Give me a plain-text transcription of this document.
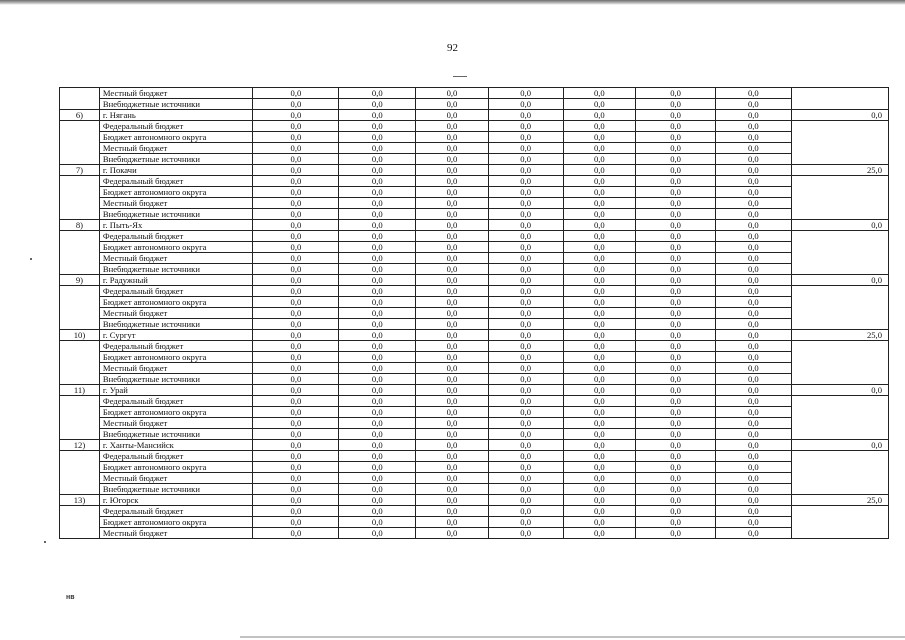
92
	Местный бюджет	0,0	0,0	0,0	0,0	0,0	0,0	0,0	
	Внебюджетные источники	0,0	0,0	0,0	0,0	0,0	0,0	0,0	
6)	г. Нягань	0,0	0,0	0,0	0,0	0,0	0,0	0,0	0,0
	Федеральный бюджет	0,0	0,0	0,0	0,0	0,0	0,0	0,0	
	Бюджет автономного округа	0,0	0,0	0,0	0,0	0,0	0,0	0,0	
	Местный бюджет	0,0	0,0	0,0	0,0	0,0	0,0	0,0	
	Внебюджетные источники	0,0	0,0	0,0	0,0	0,0	0,0	0,0	
7)	г. Покачи	0,0	0,0	0,0	0,0	0,0	0,0	0,0	25,0
	Федеральный бюджет	0,0	0,0	0,0	0,0	0,0	0,0	0,0	
	Бюджет автономного округа	0,0	0,0	0,0	0,0	0,0	0,0	0,0	
	Местный бюджет	0,0	0,0	0,0	0,0	0,0	0,0	0,0	
	Внебюджетные источники	0,0	0,0	0,0	0,0	0,0	0,0	0,0	
8)	г. Пыть-Ях	0,0	0,0	0,0	0,0	0,0	0,0	0,0	0,0
	Федеральный бюджет	0,0	0,0	0,0	0,0	0,0	0,0	0,0	
	Бюджет автономного округа	0,0	0,0	0,0	0,0	0,0	0,0	0,0	
	Местный бюджет	0,0	0,0	0,0	0,0	0,0	0,0	0,0	
	Внебюджетные источники	0,0	0,0	0,0	0,0	0,0	0,0	0,0	
9)	г. Радужный	0,0	0,0	0,0	0,0	0,0	0,0	0,0	0,0
	Федеральный бюджет	0,0	0,0	0,0	0,0	0,0	0,0	0,0	
	Бюджет автономного округа	0,0	0,0	0,0	0,0	0,0	0,0	0,0	
	Местный бюджет	0,0	0,0	0,0	0,0	0,0	0,0	0,0	
	Внебюджетные источники	0,0	0,0	0,0	0,0	0,0	0,0	0,0	
10)	г. Сургут	0,0	0,0	0,0	0,0	0,0	0,0	0,0	25,0
	Федеральный бюджет	0,0	0,0	0,0	0,0	0,0	0,0	0,0	
	Бюджет автономного округа	0,0	0,0	0,0	0,0	0,0	0,0	0,0	
	Местный бюджет	0,0	0,0	0,0	0,0	0,0	0,0	0,0	
	Внебюджетные источники	0,0	0,0	0,0	0,0	0,0	0,0	0,0	
11)	г. Урай	0,0	0,0	0,0	0,0	0,0	0,0	0,0	0,0
	Федеральный бюджет	0,0	0,0	0,0	0,0	0,0	0,0	0,0	
	Бюджет автономного округа	0,0	0,0	0,0	0,0	0,0	0,0	0,0	
	Местный бюджет	0,0	0,0	0,0	0,0	0,0	0,0	0,0	
	Внебюджетные источники	0,0	0,0	0,0	0,0	0,0	0,0	0,0	
12)	г. Ханты-Мансийск	0,0	0,0	0,0	0,0	0,0	0,0	0,0	0,0
	Федеральный бюджет	0,0	0,0	0,0	0,0	0,0	0,0	0,0	
	Бюджет автономного округа	0,0	0,0	0,0	0,0	0,0	0,0	0,0	
	Местный бюджет	0,0	0,0	0,0	0,0	0,0	0,0	0,0	
	Внебюджетные источники	0,0	0,0	0,0	0,0	0,0	0,0	0,0	
13)	г. Югорск	0,0	0,0	0,0	0,0	0,0	0,0	0,0	25,0
	Федеральный бюджет	0,0	0,0	0,0	0,0	0,0	0,0	0,0	
	Бюджет автономного округа	0,0	0,0	0,0	0,0	0,0	0,0	0,0	
	Местный бюджет	0,0	0,0	0,0	0,0	0,0	0,0	0,0	
нв
